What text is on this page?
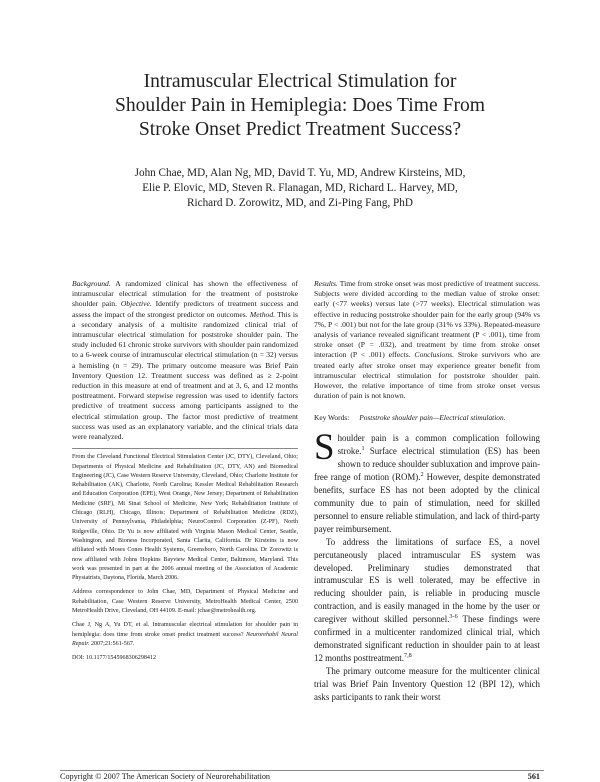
Intramuscular Electrical Stimulation for
Shoulder Pain in Hemiplegia: Does Time From
Stroke Onset Predict Treatment Success?
John Chae, MD, Alan Ng, MD, David T. Yu, MD, Andrew Kirsteins, MD,
Elie P. Elovic, MD, Steven R. Flanagan, MD, Richard L. Harvey, MD,
Richard D. Zorowitz, MD, and Zi-Ping Fang, PhD

Background. A randomized clinical has shown the effectiveness of intramuscular electrical stimulation for the treatment of poststroke shoulder pain. Objective. Identify predictors of treatment success and assess the impact of the strongest predictor on outcomes. Method. This is a secondary analysis of a multisite randomized clinical trial of intramuscular electrical stimulation for poststroke shoulder pain. The study included 61 chronic stroke survivors with shoulder pain randomized to a 6-week course of intramuscular electrical stimulation (n = 32) versus a hemisling (n = 29). The primary outcome measure was Brief Pain Inventory Question 12. Treatment success was defined as ≥ 2-point reduction in this measure at end of treatment and at 3, 6, and 12 months posttreatment. Forward stepwise regression was used to identify factors predictive of treatment success among participants assigned to the electrical stimulation group. The factor most predictive of treatment success was used as an explanatory variable, and the clinical trials data were reanalyzed.

From the Cleveland Functional Electrical Stimulation Center (JC, DTY), Cleveland, Ohio; Departments of Physical Medicine and Rehabilitation (JC, DTY, AN) and Biomedical Engineering (JC), Case Western Reserve University, Cleveland, Ohio; Charlotte Institute for Rehabilitation (AK), Charlotte, North Carolina; Kessler Medical Rehabilitation Research and Education Corporation (EPE), West Orange, New Jersey; Department of Rehabilitation Medicine (SRF), Mt Sinai School of Medicine, New York; Rehabilitation Institute of Chicago (RLH), Chicago, Illinois; Department of Rehabilitation Medicine (RDZ), University of Pennsylvania, Philadelphia; NeuroControl Corporation (Z-PF), North Ridgeville, Ohio. Dr Yu is now affiliated with Virginia Mason Medical Center, Seattle, Washington, and Bioness Incorporated, Santa Clarita, California. Dr Kirsteins is now affiliated with Moses Cones Health Systems, Greensboro, North Carolina. Dr Zorowitz is now affiliated with Johns Hopkins Bayview Medical Center, Baltimore, Maryland. This work was presented in part at the 2006 annual meeting of the Association of Academic Physiatrists, Daytona, Florida, March 2006.

Address correspondence to John Chae, MD, Department of Physical Medicine and Rehabilitation, Case Western Reserve University, MetroHealth Medical Center, 2500 MetroHealth Drive, Cleveland, OH 44109. E-mail: jchae@metrohealth.org.

Chae J, Ng A, Yu DT, et al. Intramuscular electrical stimulation for shoulder pain in hemiplegia: does time from stroke onset predict treatment success? Neurorehabil Neural Repair. 2007;21:561-567.

DOI: 10.1177/1545968306298412

Results. Time from stroke onset was most predictive of treatment success. Subjects were divided according to the median value of stroke onset: early (<77 weeks) versus late (>77 weeks). Electrical stimulation was effective in reducing poststroke shoulder pain for the early group (94% vs 7%, P < .001) but not for the late group (31% vs 33%). Repeated-measure analysis of variance revealed significant treatment (P < .001), time from stroke onset (P = .032), and treatment by time from stroke onset interaction (P < .001) effects. Conclusions. Stroke survivors who are treated early after stroke onset may experience greater benefit from intramuscular electrical stimulation for poststroke shoulder pain. However, the relative importance of time from stroke onset versus duration of pain is not known.

Key Words: Poststroke shoulder pain—Electrical stimulation.

Shoulder pain is a common complication following stroke.$^1$ Surface electrical stimulation (ES) has been shown to reduce shoulder subluxation and improve pain-free range of motion (ROM).$^2$ However, despite demonstrated benefits, surface ES has not been adopted by the clinical community due to pain of stimulation, need for skilled personnel to ensure reliable stimulation, and lack of third-party payer reimbursement.

To address the limitations of surface ES, a novel percutaneously placed intramuscular ES system was developed. Preliminary studies demonstrated that intramuscular ES is well tolerated, may be effective in reducing shoulder pain, is reliable in producing muscle contraction, and is easily managed in the home by the user or caregiver without skilled personnel.$^{3-6}$ These findings were confirmed in a multicenter randomized clinical trial, which demonstrated significant reduction in shoulder pain to at least 12 months posttreatment.$^{7,8}$

The primary outcome measure for the multicenter clinical trial was Brief Pain Inventory Question 12 (BPI 12), which asks participants to rank their worst

Copyright © 2007 The American Society of Neurorehabilitation	561
